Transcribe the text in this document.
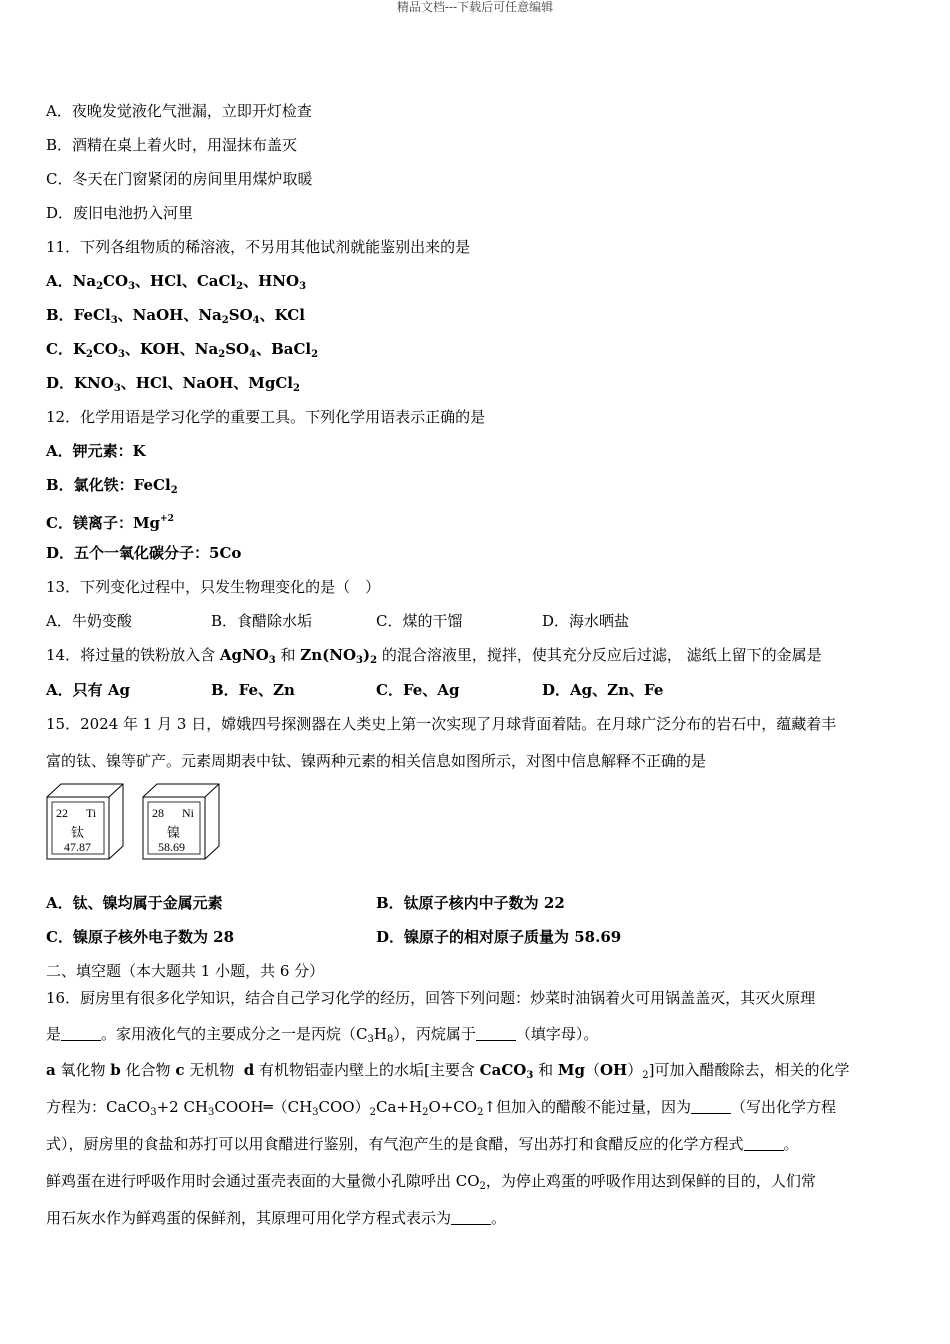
精品文档---下载后可任意编辑
A．夜晚发觉液化气泄漏，立即开灯检查
B．酒精在桌上着火时，用湿抹布盖灭
C．冬天在门窗紧闭的房间里用煤炉取暖
D．废旧电池扔入河里
11．下列各组物质的稀溶液，不另用其他试剂就能鉴别出来的是
A．$Na_2CO_3$、HCl、CaCl$_2$、$HNO_3$
B．FeCl$_3$、NaOH、$Na_2SO_4$、KCl
C．$K_2CO_3$、KOH、$Na_2SO_4$、BaCl$_2$
D．$KNO_3$、HCl、NaOH、MgCl$_2$
12．化学用语是学习化学的重要工具。下列化学用语表示正确的是
A．钾元素：K
B．氯化铁：FeCl$_2$
C．镁离子：$Mg^{+2}$
D．五个一氧化碳分子：5Co
13．下列变化过程中，只发生物理变化的是（　）
A．牛奶变酸	B．食醋除水垢	C．煤的干馏	D．海水晒盐
14．将过量的铁粉放入含 AgNO$_3$ 和 $Zn(NO_3)_2$ 的混合溶液里，搅拌，使其充分反应后过滤， 滤纸上留下的金属是
A．只有 Ag	B．Fe、Zn	C．Fe、Ag	D．Ag、Zn、Fe
15．2024 年 1 月 3 日，嫦娥四号探测器在人类史上第一次实现了月球背面着陆。在月球广泛分布的岩石中，蕴藏着丰
富的钛、镍等矿产。元素周期表中钛、镍两种元素的相关信息如图所示，对图中信息解释不正确的是
22 Ti
钛
47.87
28 Ni
镍
58.69
A．钛、镍均属于金属元素	B．钛原子核内中子数为 22
C．镍原子核外电子数为 28	D．镍原子的相对原子质量为 58.69
二、填空题（本大题共 1 小题，共 6 分）
16．厨房里有很多化学知识，结合自己学习化学的经历，回答下列问题：炒菜时油锅着火可用锅盖盖灭，其灭火原理
是	。家用液化气的主要成分之一是丙烷$(C_3H_8)$，丙烷属于	（填字母）。
a 氧化物 b 化合物 c 无机物  d 有机物铝壶内壁上的水垢[主要含 CaCO$_3$ 和 $Mg(OH)_2$]可加入醋酸除去，相关的化学
方程为：CaCO$_3$+2 $CH_3COOH═(CH_3COO)_2Ca+H_2O+CO_2↑$但加入的醋酸不能过量，因为	（写出化学方程
式），厨房里的食盐和苏打可以用食醋进行鉴别，有气泡产生的是食醋，写出苏打和食醋反应的化学方程式	。
鲜鸡蛋在进行呼吸作用时会通过蛋壳表面的大量微小孔隙呼出 $CO_2$，为停止鸡蛋的呼吸作用达到保鲜的目的，人们常
用石灰水作为鲜鸡蛋的保鲜剂，其原理可用化学方程式表示为	。
